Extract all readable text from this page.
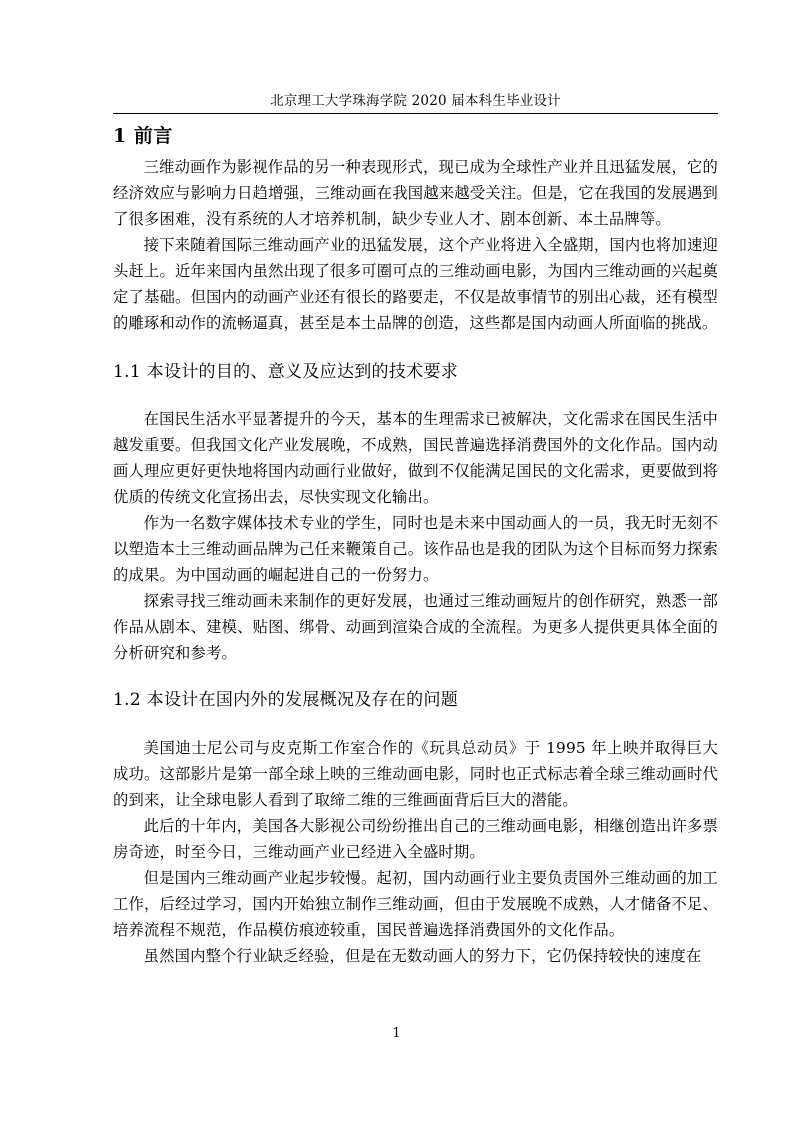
北京理工大学珠海学院 2020 届本科生毕业设计
1 前言

三维动画作为影视作品的另一种表现形式，现已成为全球性产业并且迅猛发展，它的经济效应与影响力日趋增强，三维动画在我国越来越受关注。但是，它在我国的发展遇到了很多困难，没有系统的人才培养机制，缺少专业人才、剧本创新、本土品牌等。

接下来随着国际三维动画产业的迅猛发展，这个产业将进入全盛期，国内也将加速迎头赶上。近年来国内虽然出现了很多可圈可点的三维动画电影，为国内三维动画的兴起奠定了基础。但国内的动画产业还有很长的路要走，不仅是故事情节的别出心裁，还有模型的雕琢和动作的流畅逼真，甚至是本土品牌的创造，这些都是国内动画人所面临的挑战。

1.1 本设计的目的、意义及应达到的技术要求

在国民生活水平显著提升的今天，基本的生理需求已被解决，文化需求在国民生活中越发重要。但我国文化产业发展晚，不成熟，国民普遍选择消费国外的文化作品。国内动画人理应更好更快地将国内动画行业做好，做到不仅能满足国民的文化需求，更要做到将优质的传统文化宣扬出去，尽快实现文化输出。

作为一名数字媒体技术专业的学生，同时也是未来中国动画人的一员，我无时无刻不以塑造本土三维动画品牌为己任来鞭策自己。该作品也是我的团队为这个目标而努力探索的成果。为中国动画的崛起进自己的一份努力。

探索寻找三维动画未来制作的更好发展，也通过三维动画短片的创作研究，熟悉一部作品从剧本、建模、贴图、绑骨、动画到渲染合成的全流程。为更多人提供更具体全面的分析研究和参考。

1.2 本设计在国内外的发展概况及存在的问题

美国迪士尼公司与皮克斯工作室合作的《玩具总动员》于 1995 年上映并取得巨大成功。这部影片是第一部全球上映的三维动画电影，同时也正式标志着全球三维动画时代的到来，让全球电影人看到了取缔二维的三维画面背后巨大的潜能。

此后的十年内，美国各大影视公司纷纷推出自己的三维动画电影，相继创造出许多票房奇迹，时至今日，三维动画产业已经进入全盛时期。

但是国内三维动画产业起步较慢。起初，国内动画行业主要负责国外三维动画的加工工作，后经过学习，国内开始独立制作三维动画，但由于发展晚不成熟，人才储备不足、培养流程不规范，作品模仿痕迹较重，国民普遍选择消费国外的文化作品。

虽然国内整个行业缺乏经验，但是在无数动画人的努力下，它仍保持较快的速度在

1
